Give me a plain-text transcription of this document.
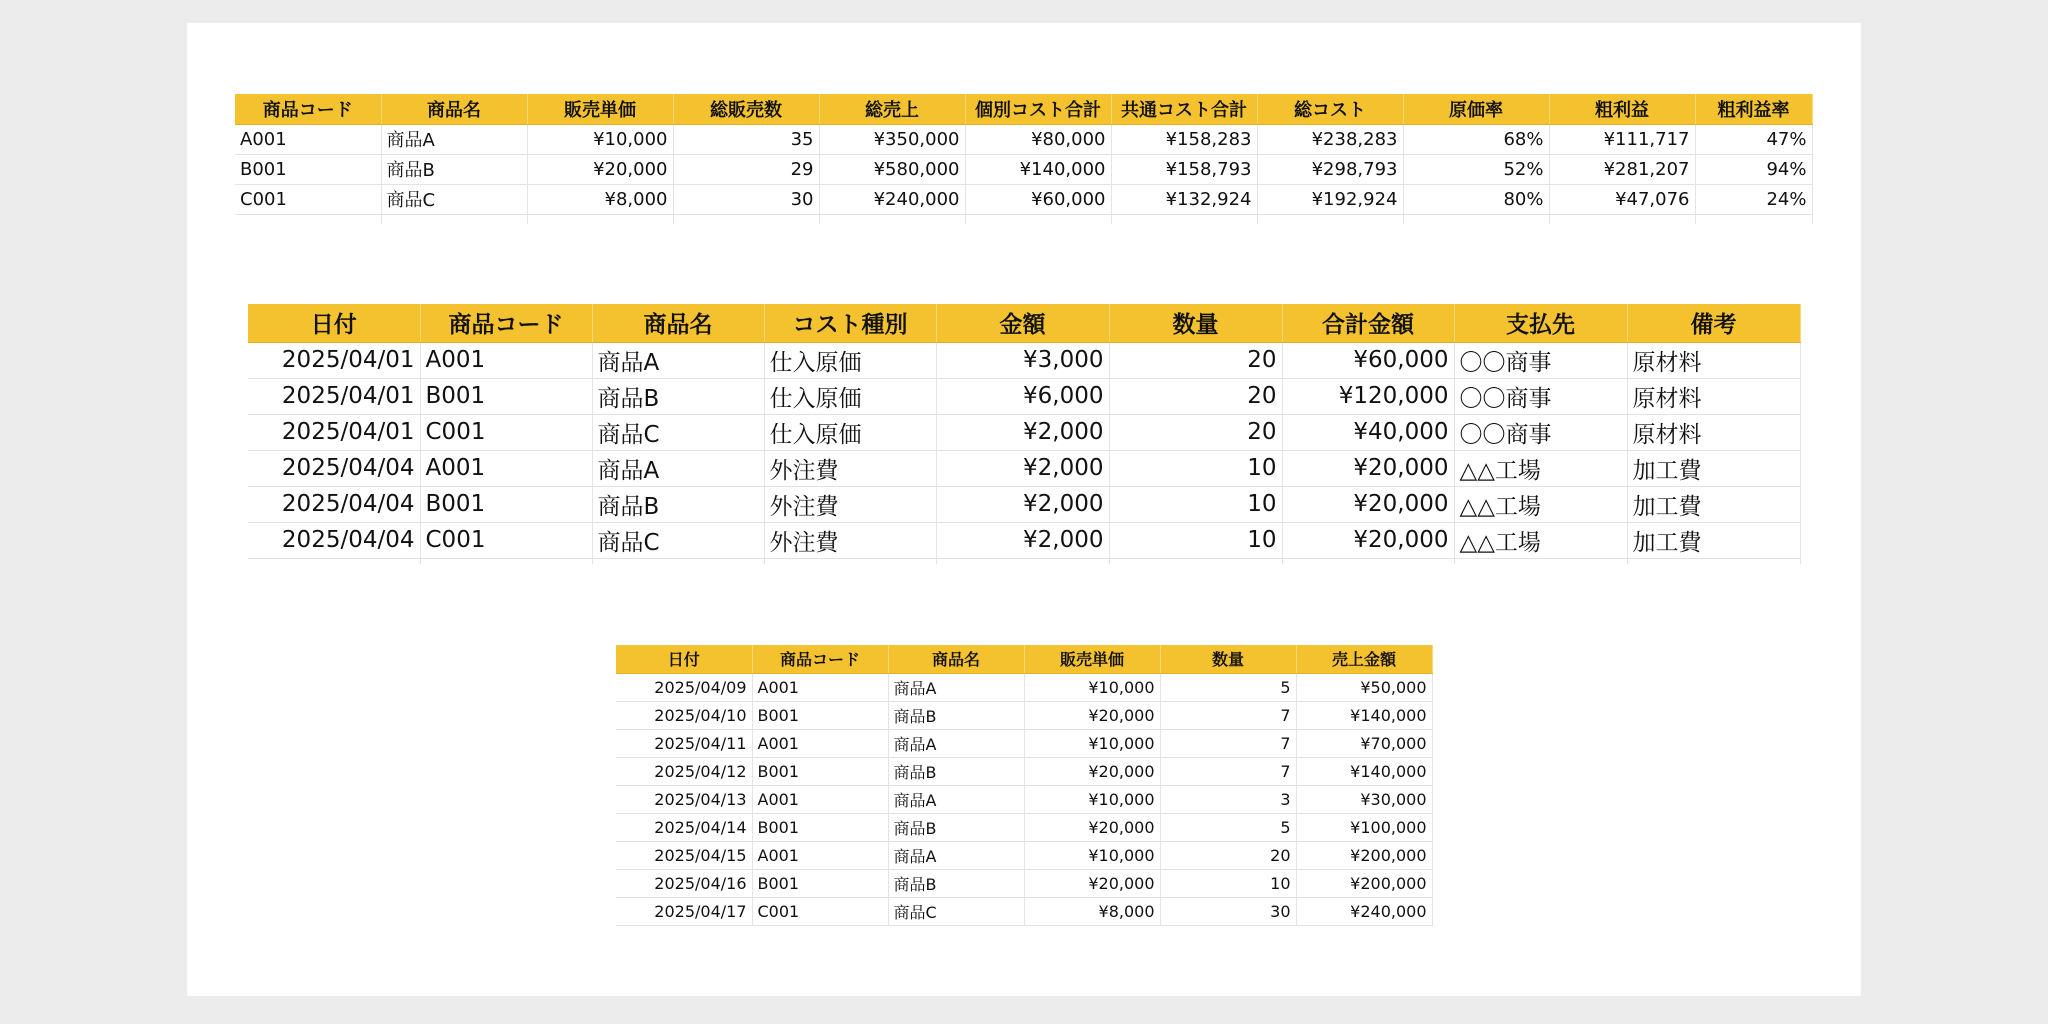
商品コード	商品名	販売単価	総販売数	総売上	個別コスト合計	共通コスト合計	総コスト	原価率	粗利益	粗利益率
A001	商品A	¥10,000	35	¥350,000	¥80,000	¥158,283	¥238,283	68%	¥111,717	47%
B001	商品B	¥20,000	29	¥580,000	¥140,000	¥158,793	¥298,793	52%	¥281,207	94%
C001	商品C	¥8,000	30	¥240,000	¥60,000	¥132,924	¥192,924	80%	¥47,076	24%

日付	商品コード	商品名	コスト種別	金額	数量	合計金額	支払先	備考
2025/04/01	A001	商品A	仕入原価	¥3,000	20	¥60,000	〇〇商事	原材料
2025/04/01	B001	商品B	仕入原価	¥6,000	20	¥120,000	〇〇商事	原材料
2025/04/01	C001	商品C	仕入原価	¥2,000	20	¥40,000	〇〇商事	原材料
2025/04/04	A001	商品A	外注費	¥2,000	10	¥20,000	△△工場	加工費
2025/04/04	B001	商品B	外注費	¥2,000	10	¥20,000	△△工場	加工費
2025/04/04	C001	商品C	外注費	¥2,000	10	¥20,000	△△工場	加工費

日付	商品コード	商品名	販売単価	数量	売上金額
2025/04/09	A001	商品A	¥10,000	5	¥50,000
2025/04/10	B001	商品B	¥20,000	7	¥140,000
2025/04/11	A001	商品A	¥10,000	7	¥70,000
2025/04/12	B001	商品B	¥20,000	7	¥140,000
2025/04/13	A001	商品A	¥10,000	3	¥30,000
2025/04/14	B001	商品B	¥20,000	5	¥100,000
2025/04/15	A001	商品A	¥10,000	20	¥200,000
2025/04/16	B001	商品B	¥20,000	10	¥200,000
2025/04/17	C001	商品C	¥8,000	30	¥240,000
